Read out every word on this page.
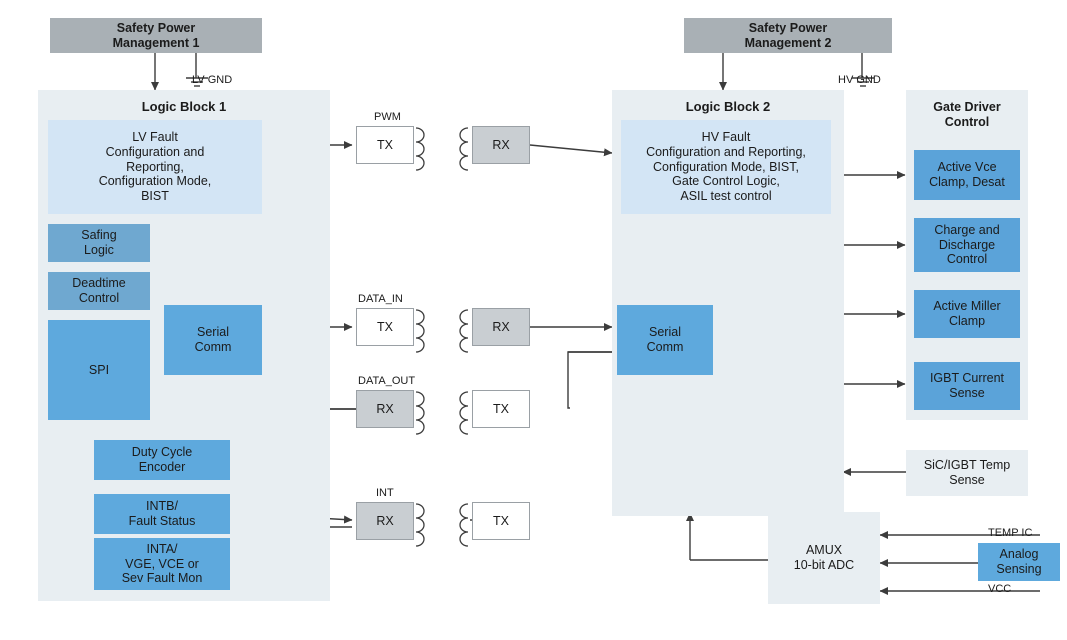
Safety Power
Management 1
LV GND
Logic Block 1
LV Fault
Configuration and
Reporting,
Configuration Mode,
BIST
Safing
Logic
Deadtime
Control
SPI
Serial
Comm
Duty Cycle
Encoder
INTB/
Fault Status
INTA/
VGE, VCE or
Sev Fault Mon
PWM
TX
DATA_IN
TX
DATA_OUT
RX
INT
RX
RX
RX
TX
TX
Safety Power
Management 2
HV GND
Logic Block 2
HV Fault
Configuration and Reporting,
Configuration Mode, BIST,
Gate Control Logic,
ASIL test control
Serial
Comm
Gate Driver
Control
Active Vce
Clamp, Desat
Charge and
Discharge
Control
Active Miller
Clamp
IGBT Current
Sense
SiC/IGBT Temp
Sense
AMUX
10-bit ADC
Analog
Sensing
TEMP IC
VCC
